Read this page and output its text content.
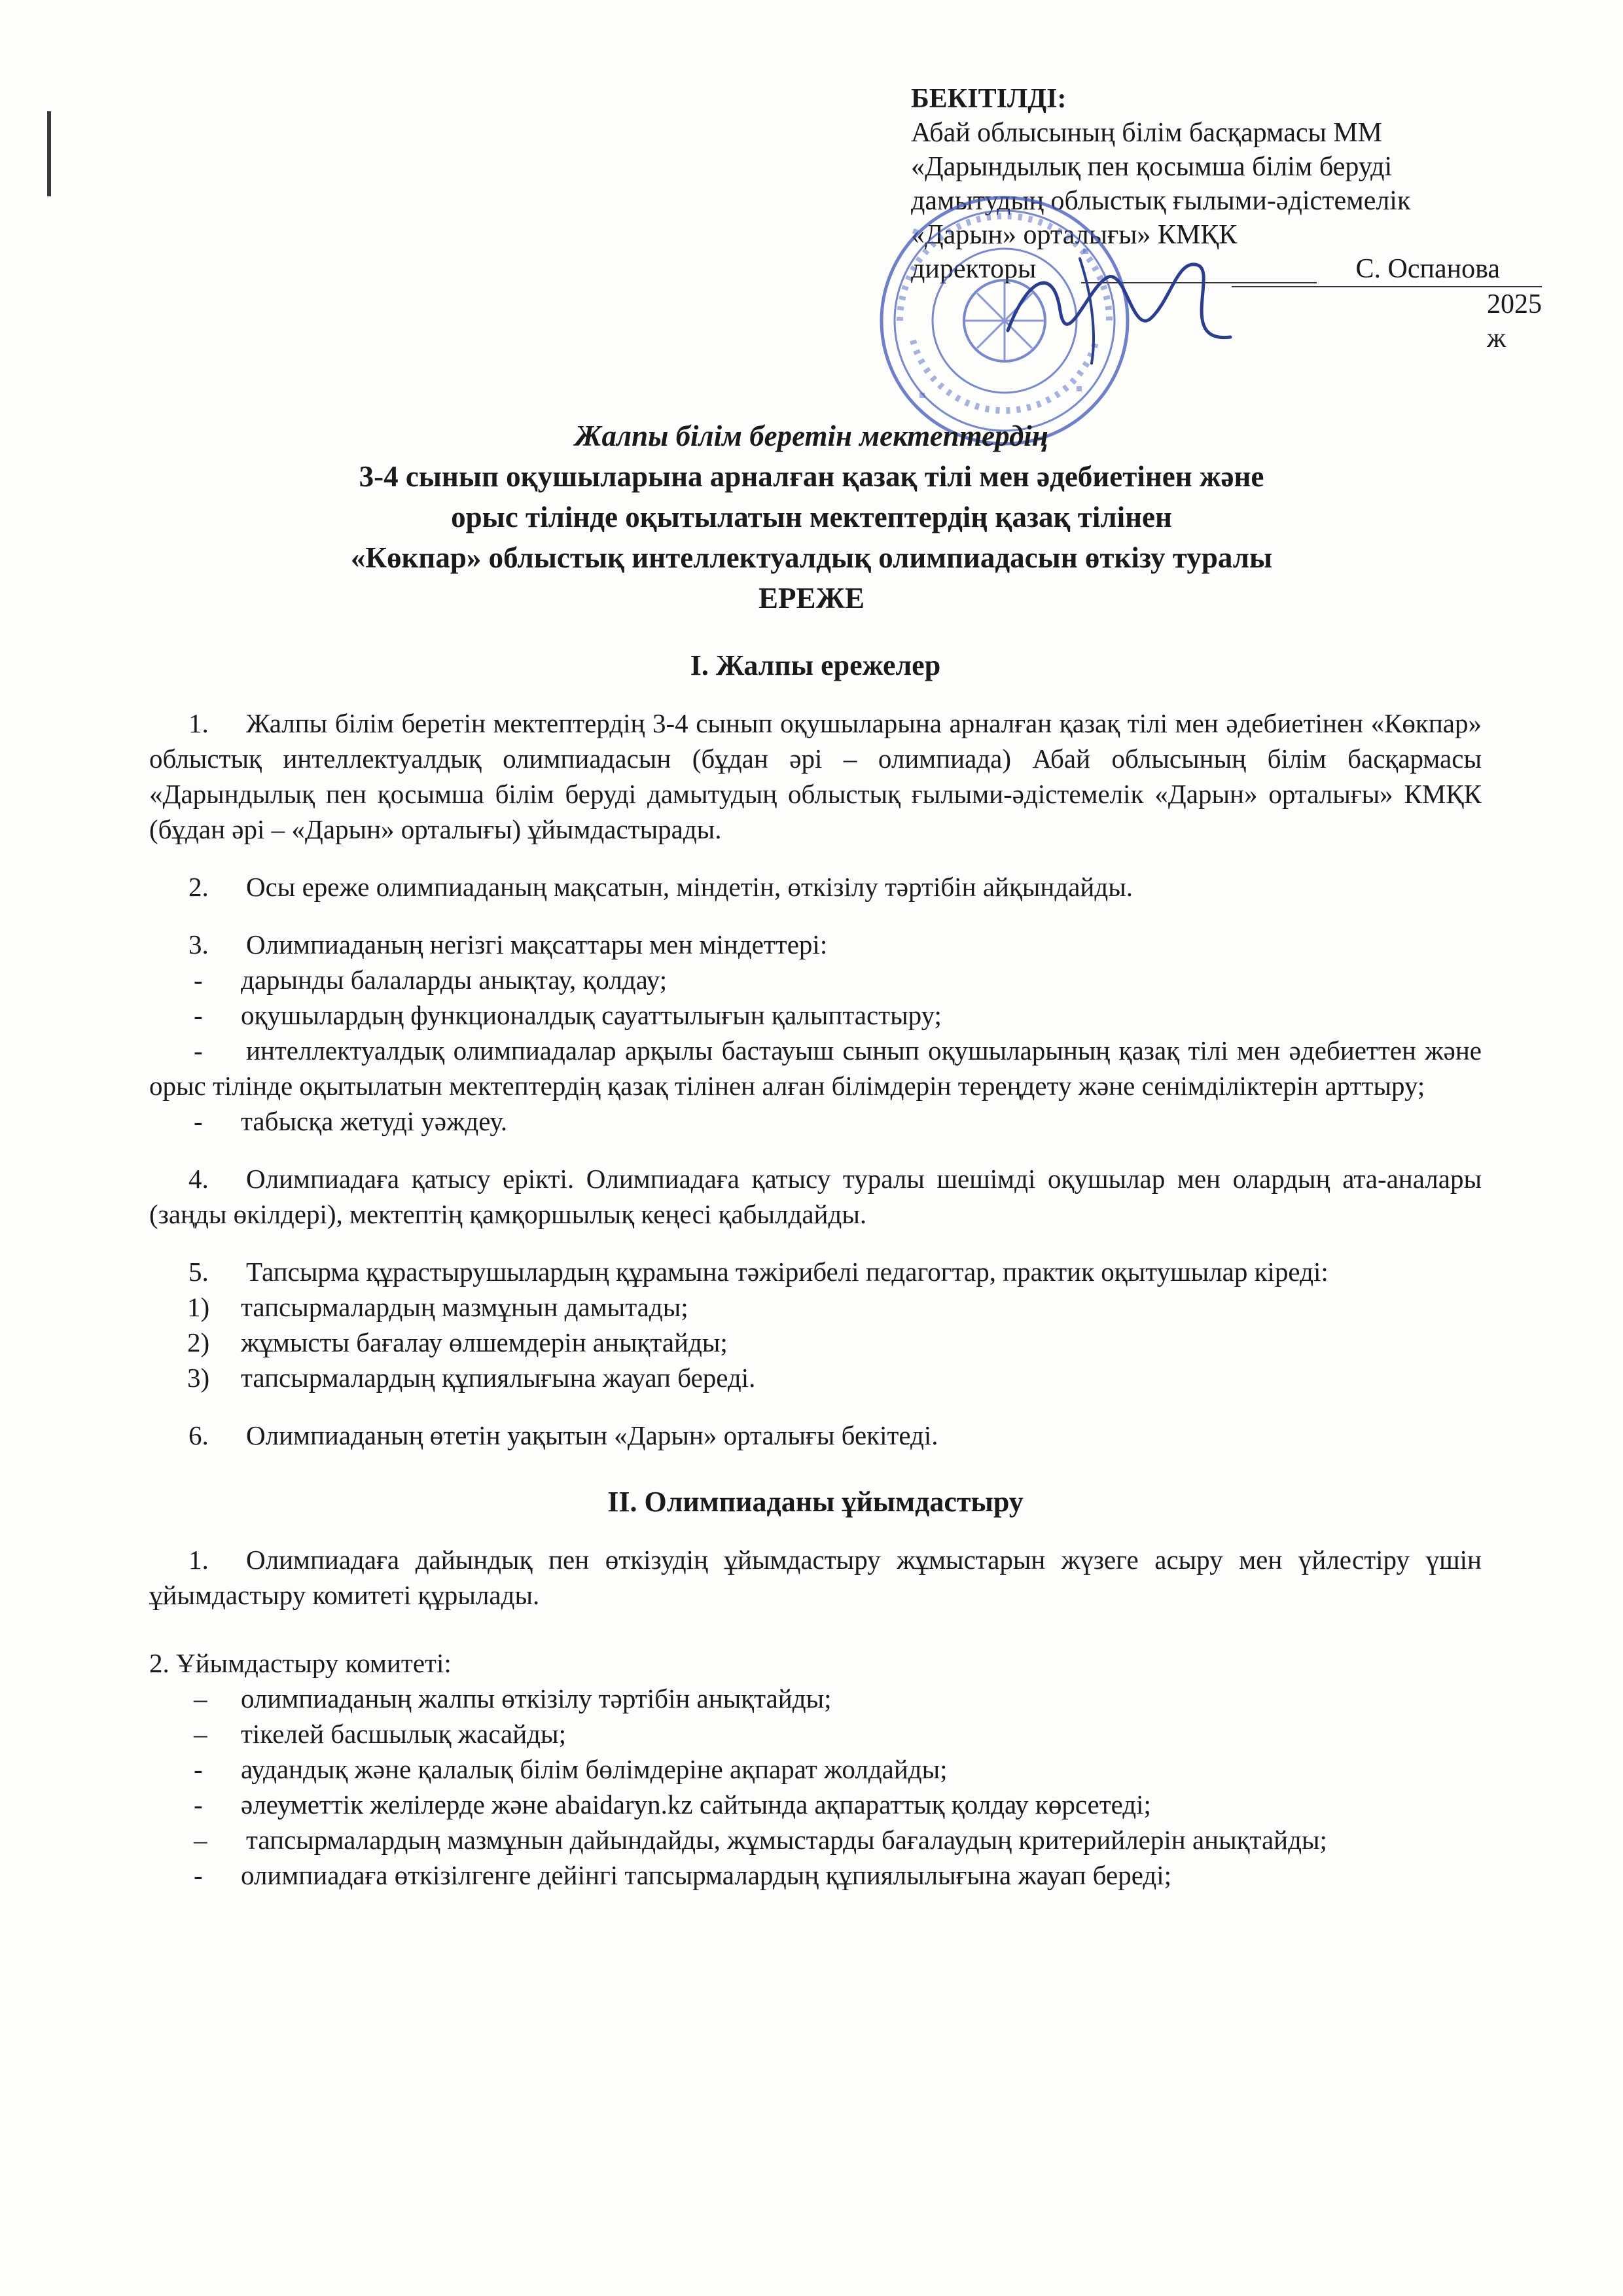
БЕКІТІЛДІ:
Абай облысының білім басқармасы ММ
«Дарындылық пен қосымша білім беруді
дамытудың облыстық ғылыми-әдістемелік
«Дарын» орталығы» КМҚК
директоры	С. Оспанова
2025 ж
Жалпы білім беретін мектептердің
3-4 сынып оқушыларына арналған қазақ тілі мен әдебиетінен және
орыс тілінде оқытылатын мектептердің қазақ тілінен
«Көкпар» облыстық интеллектуалдық олимпиадасын өткізу туралы
ЕРЕЖЕ
І. Жалпы ережелер
1.	Жалпы білім беретін мектептердің 3-4 сынып оқушыларына арналған қазақ тілі мен әдебиетінен «Көкпар» облыстық интеллектуалдық олимпиадасын (бұдан әрі – олимпиада) Абай облысының білім басқармасы «Дарындылық пен қосымша білім беруді дамытудың облыстық ғылыми-әдістемелік «Дарын» орталығы» КМҚК (бұдан әрі – «Дарын» орталығы) ұйымдастырады.
2.	Осы ереже олимпиаданың мақсатын, міндетін, өткізілу тәртібін айқындайды.
3.	Олимпиаданың негізгі мақсаттары мен міндеттері:
- дарынды балаларды анықтау, қолдау;
- оқушылардың функционалдық сауаттылығын қалыптастыру;
-	интеллектуалдық олимпиадалар арқылы бастауыш сынып оқушыларының қазақ тілі мен әдебиеттен және орыс тілінде оқытылатын мектептердің қазақ тілінен алған білімдерін тереңдету және сенімділіктерін арттыру;
- табысқа жетуді уәждеу.
4.	Олимпиадаға қатысу ерікті. Олимпиадаға қатысу туралы шешімді оқушылар мен олардың ата-аналары (заңды өкілдері), мектептің қамқоршылық кеңесі қабылдайды.
5.	Тапсырма құрастырушылардың құрамына тәжірибелі педагогтар, практик оқытушылар кіреді:
1) тапсырмалардың мазмұнын дамытады;
2) жұмысты бағалау өлшемдерін анықтайды;
3) тапсырмалардың құпиялығына жауап береді.
6.	Олимпиаданың өтетін уақытын «Дарын» орталығы бекітеді.
ІІ. Олимпиаданы ұйымдастыру
1.	Олимпиадаға дайындық пен өткізудің ұйымдастыру жұмыстарын жүзеге асыру мен үйлестіру үшін ұйымдастыру комитеті құрылады.
2. Ұйымдастыру комитеті:
– олимпиаданың жалпы өткізілу тәртібін анықтайды;
– тікелей басшылық жасайды;
- аудандық және қалалық білім бөлімдеріне ақпарат жолдайды;
- әлеуметтік желілерде және abaidaryn.kz сайтында ақпараттық қолдау көрсетеді;
–	тапсырмалардың мазмұнын дайындайды, жұмыстарды бағалаудың критерийлерін анықтайды;
- олимпиадаға өткізілгенге дейінгі тапсырмалардың құпиялылығына жауап береді;
